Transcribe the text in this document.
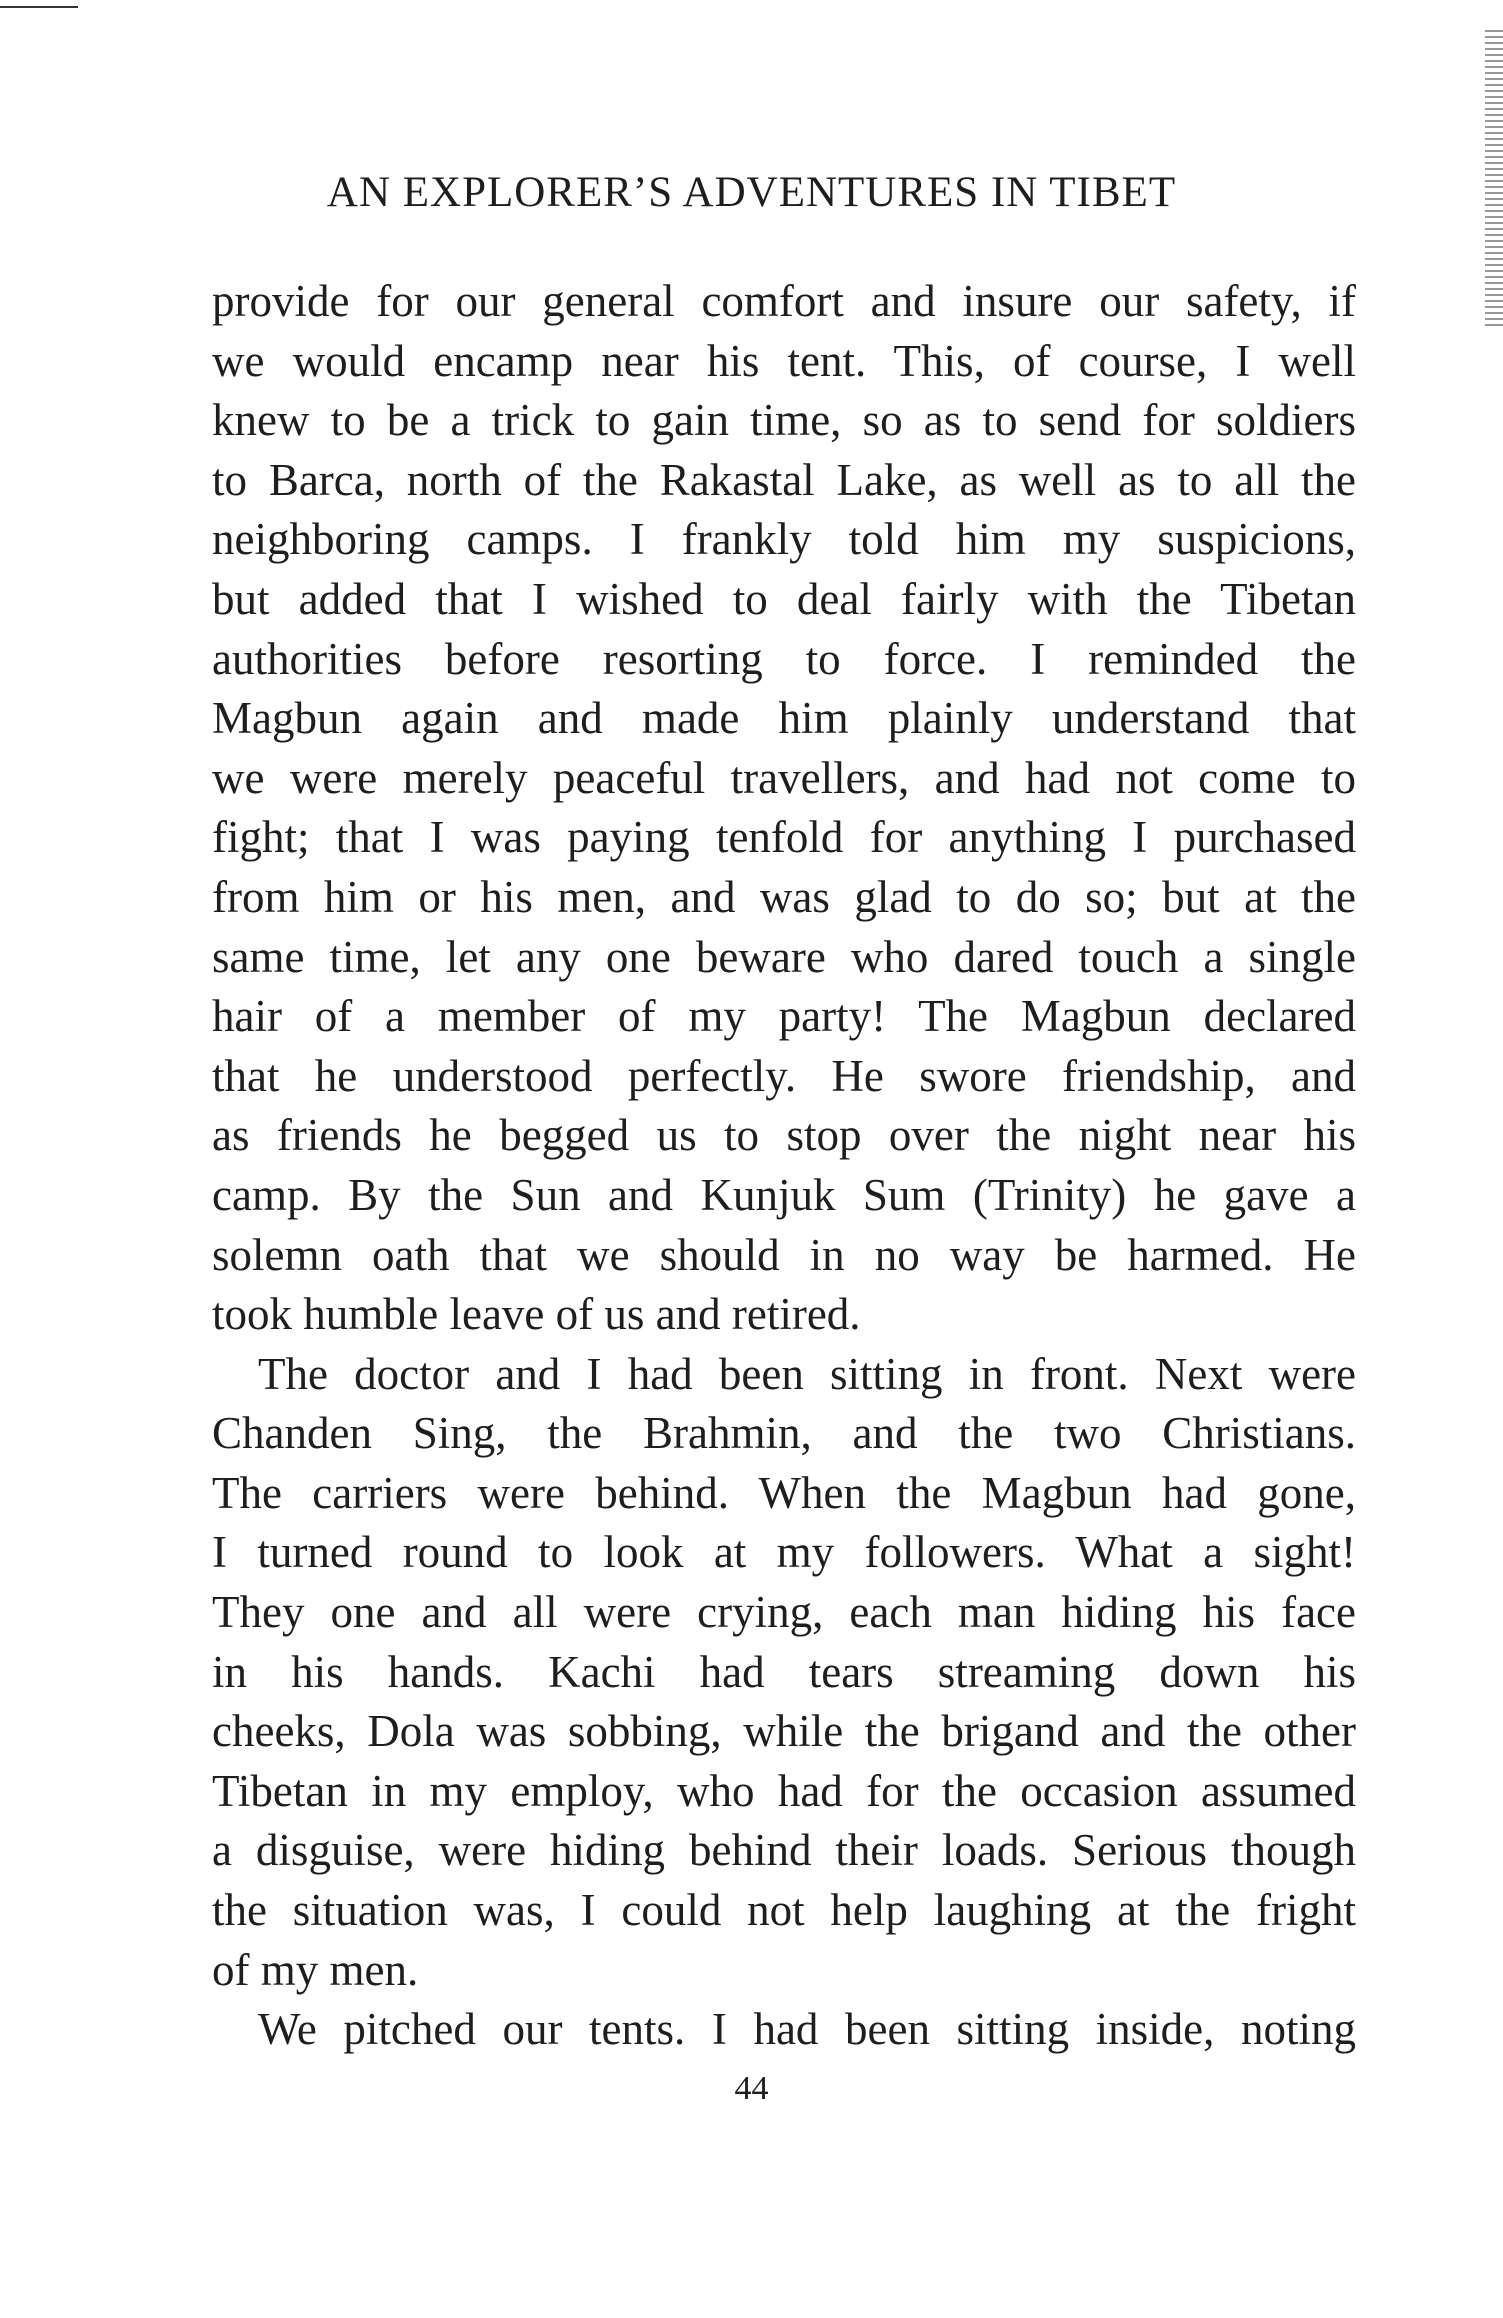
AN EXPLORER’S ADVENTURES IN TIBET
provide for our general comfort and insure our safety, if
we would encamp near his tent. This, of course, I well
knew to be a trick to gain time, so as to send for soldiers
to Barca, north of the Rakastal Lake, as well as to all the
neighboring camps. I frankly told him my suspicions,
but added that I wished to deal fairly with the Tibetan
authorities before resorting to force. I reminded the
Magbun again and made him plainly understand that
we were merely peaceful travellers, and had not come to
fight; that I was paying tenfold for anything I purchased
from him or his men, and was glad to do so; but at the
same time, let any one beware who dared touch a single
hair of a member of my party! The Magbun declared
that he understood perfectly. He swore friendship, and
as friends he begged us to stop over the night near his
camp. By the Sun and Kunjuk Sum (Trinity) he gave a
solemn oath that we should in no way be harmed. He
took humble leave of us and retired.
The doctor and I had been sitting in front. Next were
Chanden Sing, the Brahmin, and the two Christians.
The carriers were behind. When the Magbun had gone,
I turned round to look at my followers. What a sight!
They one and all were crying, each man hiding his face
in his hands. Kachi had tears streaming down his
cheeks, Dola was sobbing, while the brigand and the other
Tibetan in my employ, who had for the occasion assumed
a disguise, were hiding behind their loads. Serious though
the situation was, I could not help laughing at the fright
of my men.
We pitched our tents. I had been sitting inside, noting
44
